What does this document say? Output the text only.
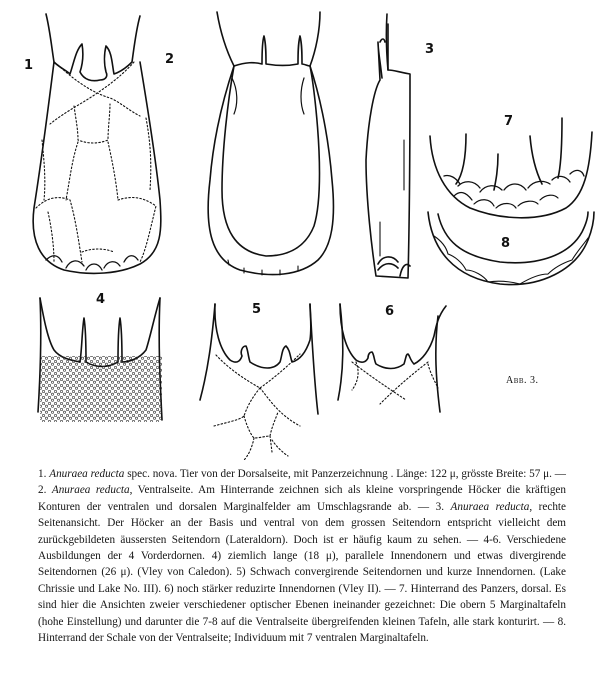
1	2
3
4
5	6
7
8
Abb. 3.

1. Anuraea reducta spec. nova. Tier von der Dorsalseite, mit Panzerzeichnung . Länge: 122 μ, grösste Breite: 57 μ. — 2. Anuraea reducta, Ventralseite. Am Hinterrande zeichnen sich als kleine vorspringende Höcker die kräftigen Konturen der ventralen und dorsalen Marginalfelder am Umschlagsrande ab. — 3. Anuraea reducta, rechte Seitenansicht. Der Höcker an der Basis und ventral von dem grossen Seitendorn entspricht vielleicht dem zurückgebildeten äussersten Seitendorn (Lateraldorn). Doch ist er häufig kaum zu sehen. — 4-6. Verschiedene Ausbildungen der 4 Vorderdornen. 4) ziemlich lange (18 μ), parallele Innendonern und etwas divergirende Seitendornen (26 μ). (Vley von Caledon). 5) Schwach convergirende Seitendornen und kurze Innendornen. (Lake Chrissie und Lake No. III). 6) noch stärker reduzirte Innendornen (Vley II). — 7. Hinterrand des Panzers, dorsal. Es sind hier die Ansichten zweier verschiedener optischer Ebenen ineinander gezeichnet: Die obern 5 Marginaltafeln (hohe Einstellung) und darunter die 7-8 auf die Ventralseite übergreifenden kleinen Tafeln, alle stark konturirt. — 8. Hinterrand der Schale von der Ventralseite; Individuum mit 7 ventralen Marginaltafeln.
